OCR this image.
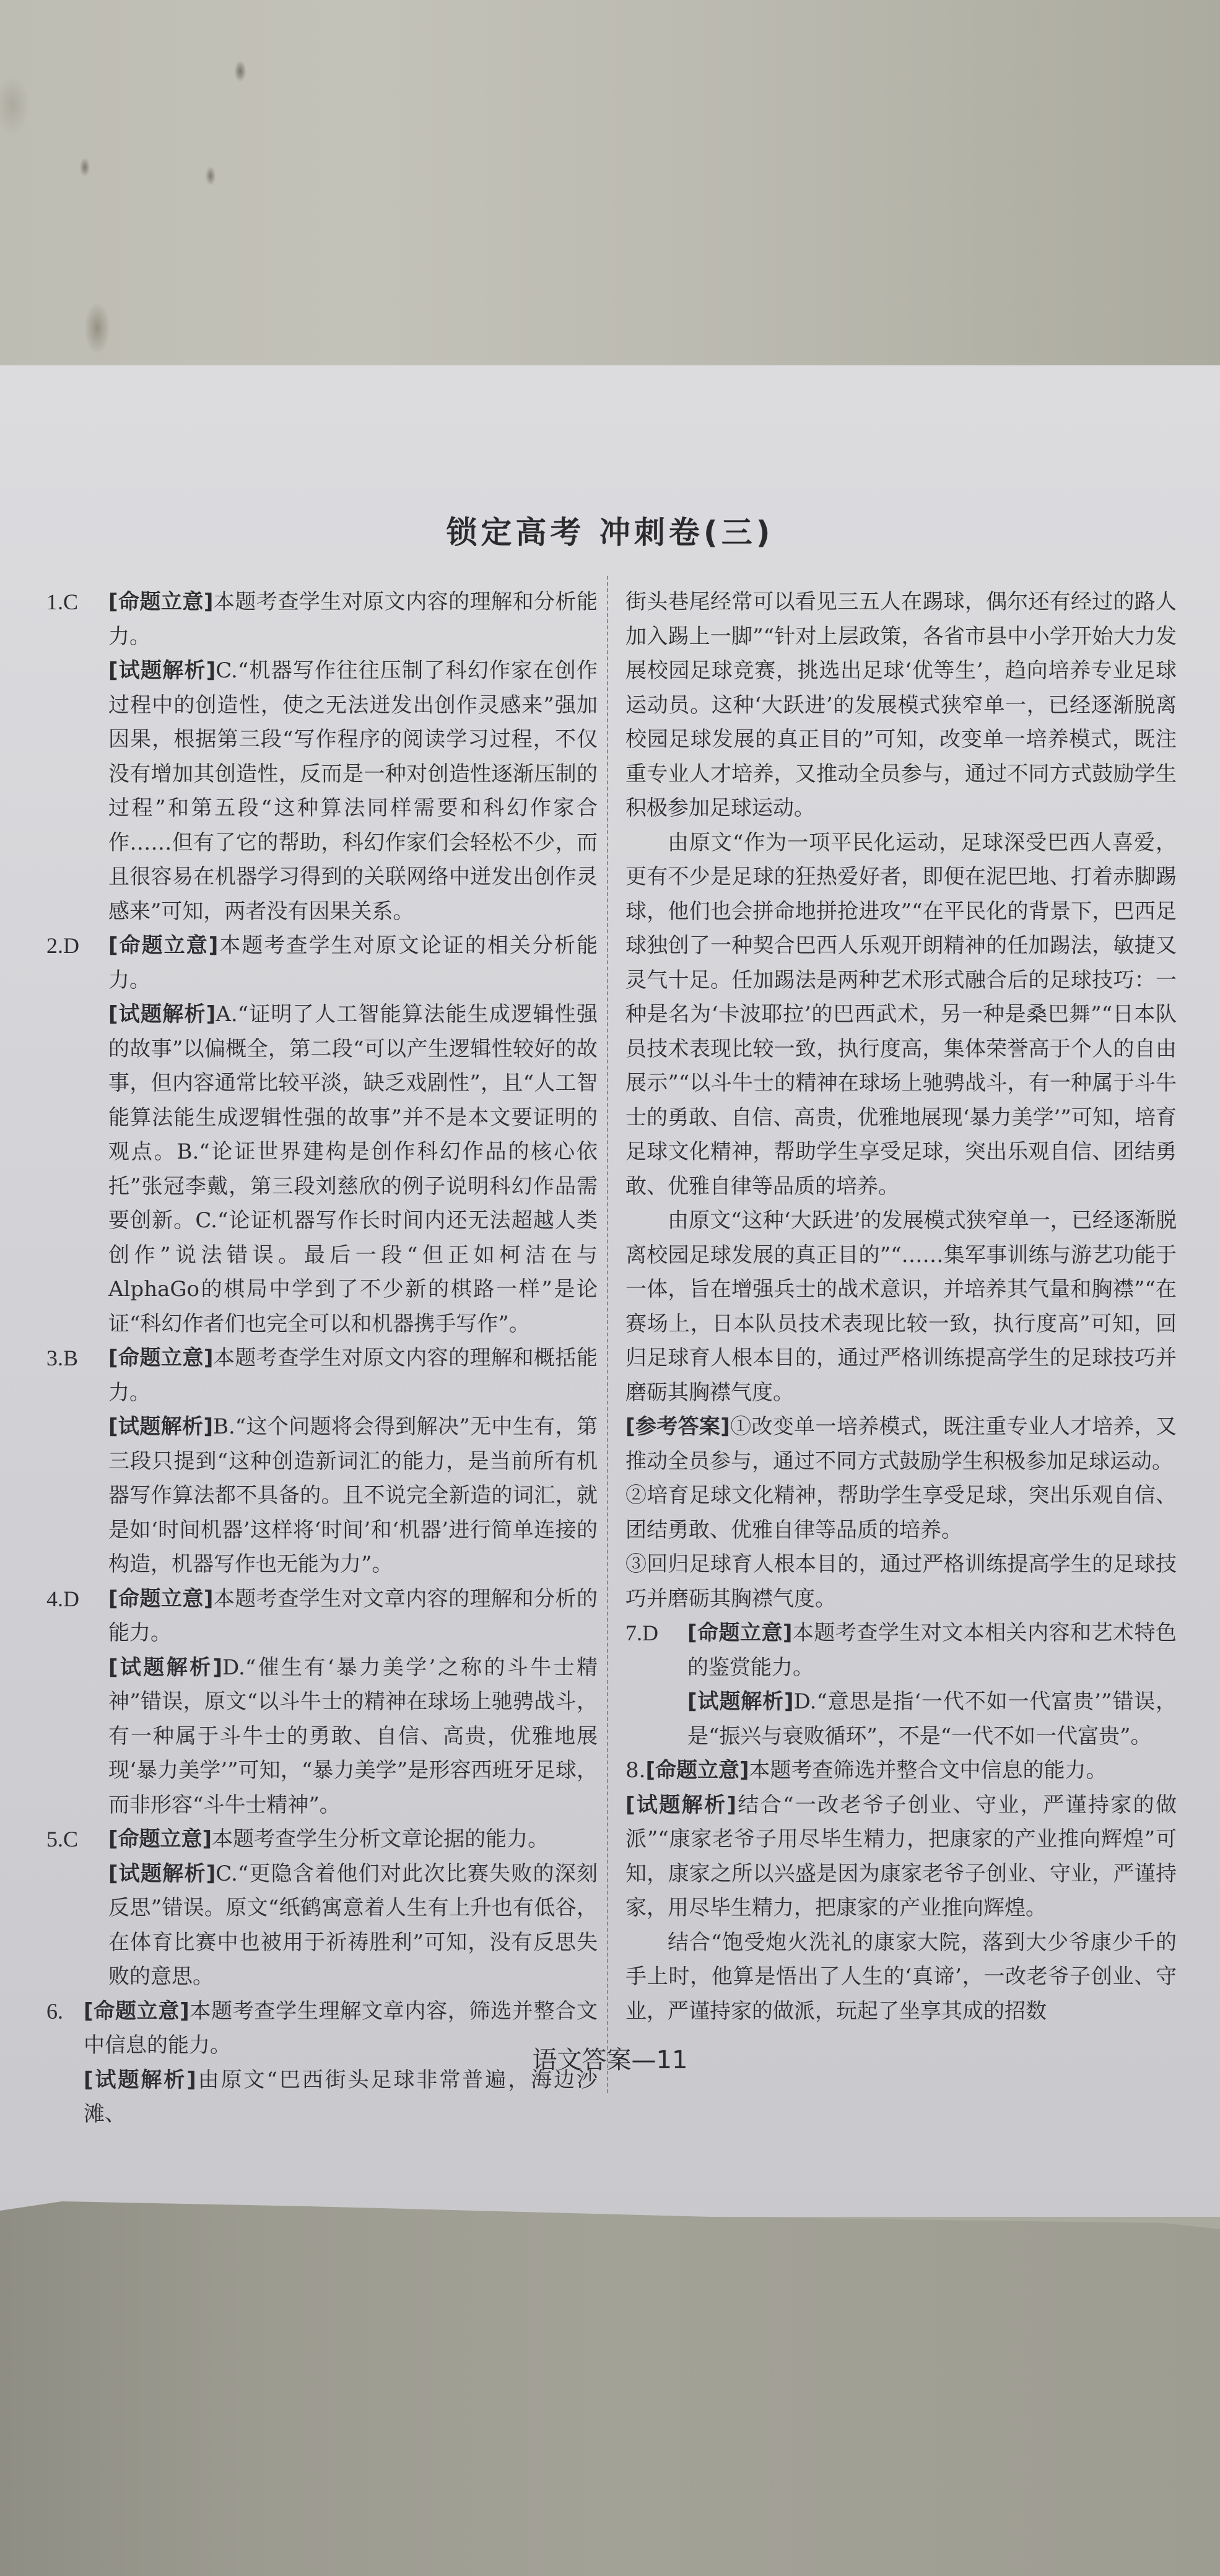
锁定高考 冲刺卷(三)
1.C [命题立意]本题考查学生对原文内容的理解和分析能力。
[试题解析]C.“机器写作往往压制了科幻作家在创作过程中的创造性，使之无法迸发出创作灵感来”强加因果，根据第三段“写作程序的阅读学习过程，不仅没有增加其创造性，反而是一种对创造性逐渐压制的过程”和第五段“这种算法同样需要和科幻作家合作……但有了它的帮助，科幻作家们会轻松不少，而且很容易在机器学习得到的关联网络中迸发出创作灵感来”可知，两者没有因果关系。
2.D [命题立意]本题考查学生对原文论证的相关分析能力。
[试题解析]A.“证明了人工智能算法能生成逻辑性强的故事”以偏概全，第二段“可以产生逻辑性较好的故事，但内容通常比较平淡，缺乏戏剧性”，且“人工智能算法能生成逻辑性强的故事”并不是本文要证明的观点。B.“论证世界建构是创作科幻作品的核心依托”张冠李戴，第三段刘慈欣的例子说明科幻作品需要创新。C.“论证机器写作长时间内还无法超越人类创作”说法错误。最后一段“但正如柯洁在与AlphaGo的棋局中学到了不少新的棋路一样”是论证“科幻作者们也完全可以和机器携手写作”。
3.B [命题立意]本题考查学生对原文内容的理解和概括能力。
[试题解析]B.“这个问题将会得到解决”无中生有，第三段只提到“这种创造新词汇的能力，是当前所有机器写作算法都不具备的。且不说完全新造的词汇，就是如‘时间机器’这样将‘时间’和‘机器’进行简单连接的构造，机器写作也无能为力”。
4.D [命题立意]本题考查学生对文章内容的理解和分析的能力。
[试题解析]D.“催生有‘暴力美学’之称的斗牛士精神”错误，原文“以斗牛士的精神在球场上驰骋战斗，有一种属于斗牛士的勇敢、自信、高贵，优雅地展现‘暴力美学’”可知，“暴力美学”是形容西班牙足球，而非形容“斗牛士精神”。
5.C [命题立意]本题考查学生分析文章论据的能力。
[试题解析]C.“更隐含着他们对此次比赛失败的深刻反思”错误。原文“纸鹤寓意着人生有上升也有低谷，在体育比赛中也被用于祈祷胜利”可知，没有反思失败的意思。
6. [命题立意]本题考查学生理解文章内容，筛选并整合文中信息的能力。
[试题解析]由原文“巴西街头足球非常普遍，海边沙滩、
街头巷尾经常可以看见三五人在踢球，偶尔还有经过的路人加入踢上一脚”“针对上层政策，各省市县中小学开始大力发展校园足球竞赛，挑选出足球‘优等生’，趋向培养专业足球运动员。这种‘大跃进’的发展模式狭窄单一，已经逐渐脱离校园足球发展的真正目的”可知，改变单一培养模式，既注重专业人才培养，又推动全员参与，通过不同方式鼓励学生积极参加足球运动。
由原文“作为一项平民化运动，足球深受巴西人喜爱，更有不少是足球的狂热爱好者，即便在泥巴地、打着赤脚踢球，他们也会拼命地拼抢进攻”“在平民化的背景下，巴西足球独创了一种契合巴西人乐观开朗精神的任加踢法，敏捷又灵气十足。任加踢法是两种艺术形式融合后的足球技巧：一种是名为‘卡波耶拉’的巴西武术，另一种是桑巴舞”“日本队员技术表现比较一致，执行度高，集体荣誉高于个人的自由展示”“以斗牛士的精神在球场上驰骋战斗，有一种属于斗牛士的勇敢、自信、高贵，优雅地展现‘暴力美学’”可知，培育足球文化精神，帮助学生享受足球，突出乐观自信、团结勇敢、优雅自律等品质的培养。
由原文“这种‘大跃进’的发展模式狭窄单一，已经逐渐脱离校园足球发展的真正目的”“……集军事训练与游艺功能于一体，旨在增强兵士的战术意识，并培养其气量和胸襟”“在赛场上，日本队员技术表现比较一致，执行度高”可知，回归足球育人根本目的，通过严格训练提高学生的足球技巧并磨砺其胸襟气度。
[参考答案]①改变单一培养模式，既注重专业人才培养，又推动全员参与，通过不同方式鼓励学生积极参加足球运动。
②培育足球文化精神，帮助学生享受足球，突出乐观自信、团结勇敢、优雅自律等品质的培养。
③回归足球育人根本目的，通过严格训练提高学生的足球技巧并磨砺其胸襟气度。
7.D [命题立意]本题考查学生对文本相关内容和艺术特色的鉴赏能力。
[试题解析]D.“意思是指‘一代不如一代富贵’”错误，是“振兴与衰败循环”，不是“一代不如一代富贵”。
8.[命题立意]本题考查筛选并整合文中信息的能力。
[试题解析]结合“一改老爷子创业、守业，严谨持家的做派”“康家老爷子用尽毕生精力，把康家的产业推向辉煌”可知，康家之所以兴盛是因为康家老爷子创业、守业，严谨持家，用尽毕生精力，把康家的产业推向辉煌。
结合“饱受炮火洗礼的康家大院，落到大少爷康少千的手上时，他算是悟出了人生的‘真谛’，一改老爷子创业、守业，严谨持家的做派，玩起了坐享其成的招数
语文答案—11
